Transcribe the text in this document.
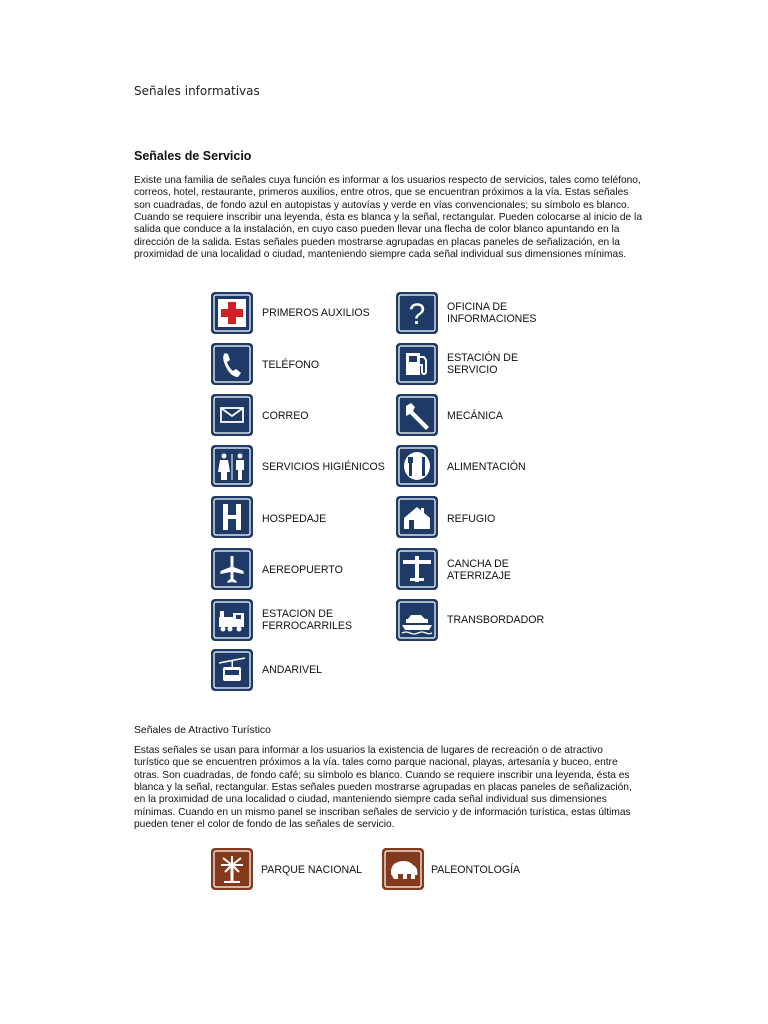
Señales informativas
Señales de Servicio

Existe una familia de señales cuya función es informar a los usuarios respecto de servicios, tales como teléfono, correos, hotel, restaurante, primeros auxilios, entre otros, que se encuentran próximos a la vía. Estas señales son cuadradas, de fondo azul en autopistas y autovías y verde en vías convencionales; su símbolo es blanco. Cuando se requiere inscribir una leyenda, ésta es blanca y la señal, rectangular. Pueden colocarse al inicio de la salida que conduce a la instalación, en cuyo caso pueden llevar una flecha de color blanco apuntando en la dirección de la salida. Estas señales pueden mostrarse agrupadas en placas paneles de señalización, en la proximidad de una localidad o ciudad, manteniendo siempre cada señal individual sus dimensiones mínimas.

PRIMEROS AUXILIOS
TELÉFONO
CORREO
SERVICIOS HIGIÉNICOS
HOSPEDAJE
AEREOPUERTO
ESTACION DE
FERROCARRILES
ANDARIVEL
? OFICINA DE
INFORMACIONES
ESTACIÓN DE
SERVICIO
MECÁNICA
ALIMENTACIÓN
REFUGIO
CANCHA DE
ATERRIZAJE
TRANSBORDADOR
Señales de Atractivo Turístico

Estas señales se usan para informar a los usuarios la existencia de lugares de recreación o de atractivo turístico que se encuentren próximos a la vía. tales como parque nacional, playas, artesanía y buceo, entre otras. Son cuadradas, de fondo café; su símbolo es blanco. Cuando se requiere inscribir una leyenda, ésta es blanca y la señal, rectangular. Estas señales pueden mostrarse agrupadas en placas paneles de señalización, en la proximidad de una localidad o ciudad, manteniendo siempre cada señal individual sus dimensiones mínimas. Cuando en un mismo panel se inscriban señales de servicio y de información turística, estas últimas pueden tener el color de fondo de las señales de servicio.

PARQUE NACIONAL	PALEONTOLOGÍA
